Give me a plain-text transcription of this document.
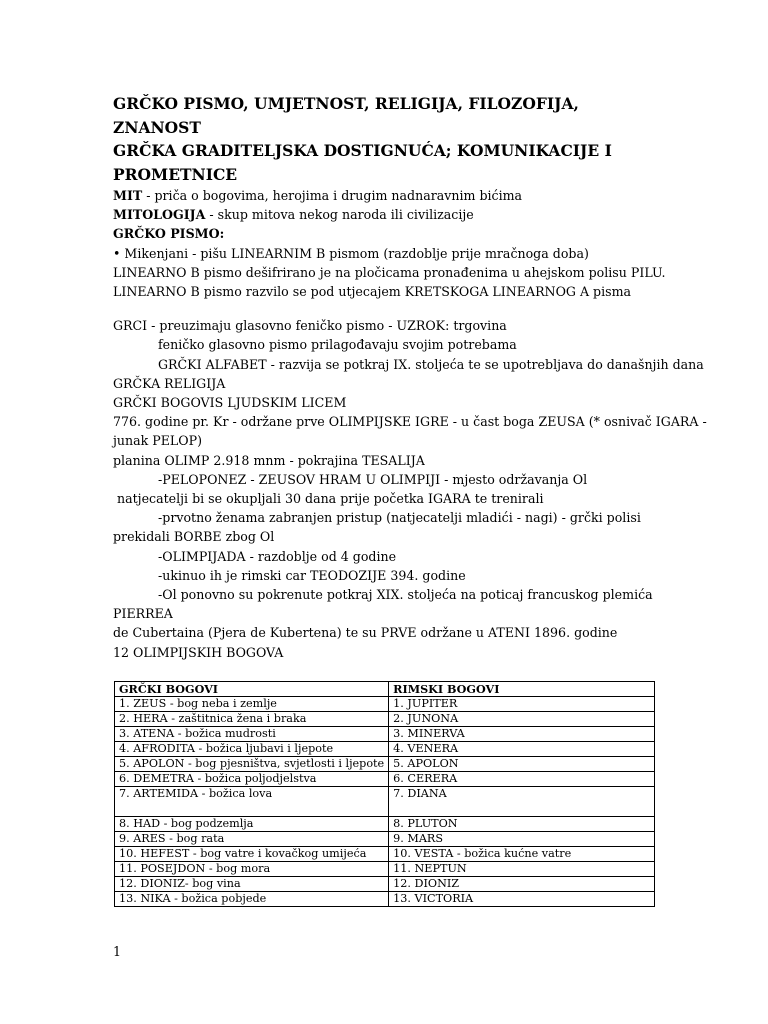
GRČKO PISMO, UMJETNOST, RELIGIJA, FILOZOFIJA,
ZNANOST
GRČKA GRADITELJSKA DOSTIGNUĆA; KOMUNIKACIJE I
PROMETNICE

MIT - priča o bogovima, herojima i drugim nadnaravnim bićima

MITOLOGIJA - skup mitova nekog naroda ili civilizacije

GRČKO PISMO:

• Mikenjani - pišu LINEARNIM B pismom (razdoblje prije mračnoga doba)

LINEARNO B pismo dešifrirano je na pločicama pronađenima u ahejskom polisu PILU.

LINEARNO B pismo razvilo se pod utjecajem KRETSKOGA LINEARNOG A pisma

GRCI - preuzimaju glasovno feničko pismo - UZROK: trgovina

feničko glasovno pismo prilagođavaju svojim potrebama

GRČKI ALFABET - razvija se potkraj IX. stoljeća te se upotrebljava do današnjih dana

GRČKA RELIGIJA

GRČKI BOGOVIS LJUDSKIM LICEM

776. godine pr. Kr - održane prve OLIMPIJSKE IGRE - u čast boga ZEUSA (* osnivač IGARA -

junak PELOP)

planina OLIMP 2.918 mnm - pokrajina TESALIJA

-PELOPONEZ - ZEUSOV HRAM U OLIMPIJI - mjesto održavanja Ol

natjecatelji bi se okupljali 30 dana prije početka IGARA te trenirali

-prvotno ženama zabranjen pristup (natjecatelji mladići - nagi) - grčki polisi

prekidali BORBE zbog Ol

-OLIMPIJADA - razdoblje od 4 godine

-ukinuo ih je rimski car TEODOZIJE 394. godine

-Ol ponovno su pokrenute potkraj XIX. stoljeća na poticaj francuskog plemića

PIERREA

de Cubertaina (Pjera de Kubertena) te su PRVE održane u ATENI 1896. godine

12 OLIMPIJSKIH BOGOVA

GRČKI BOGOVI	RIMSKI BOGOVI
1. ZEUS - bog neba i zemlje	1. JUPITER
2. HERA - zaštitnica žena i braka	2. JUNONA
3. ATENA - božica mudrosti	3. MINERVA
4. AFRODITA - božica ljubavi i ljepote	4. VENERA
5. APOLON - bog pjesništva, svjetlosti i ljepote	5. APOLON
6. DEMETRA - božica poljodjelstva	6. CERERA
7. ARTEMIDA - božica lova	7. DIANA
8. HAD - bog podzemlja	8. PLUTON
9. ARES - bog rata	9. MARS
10. HEFEST - bog vatre i kovačkog umijeća	10. VESTA - božica kućne vatre
11. POSEJDON - bog mora	11. NEPTUN
12. DIONIZ- bog vina	12. DIONIZ
13. NIKA - božica pobjede	13. VICTORIA
1
